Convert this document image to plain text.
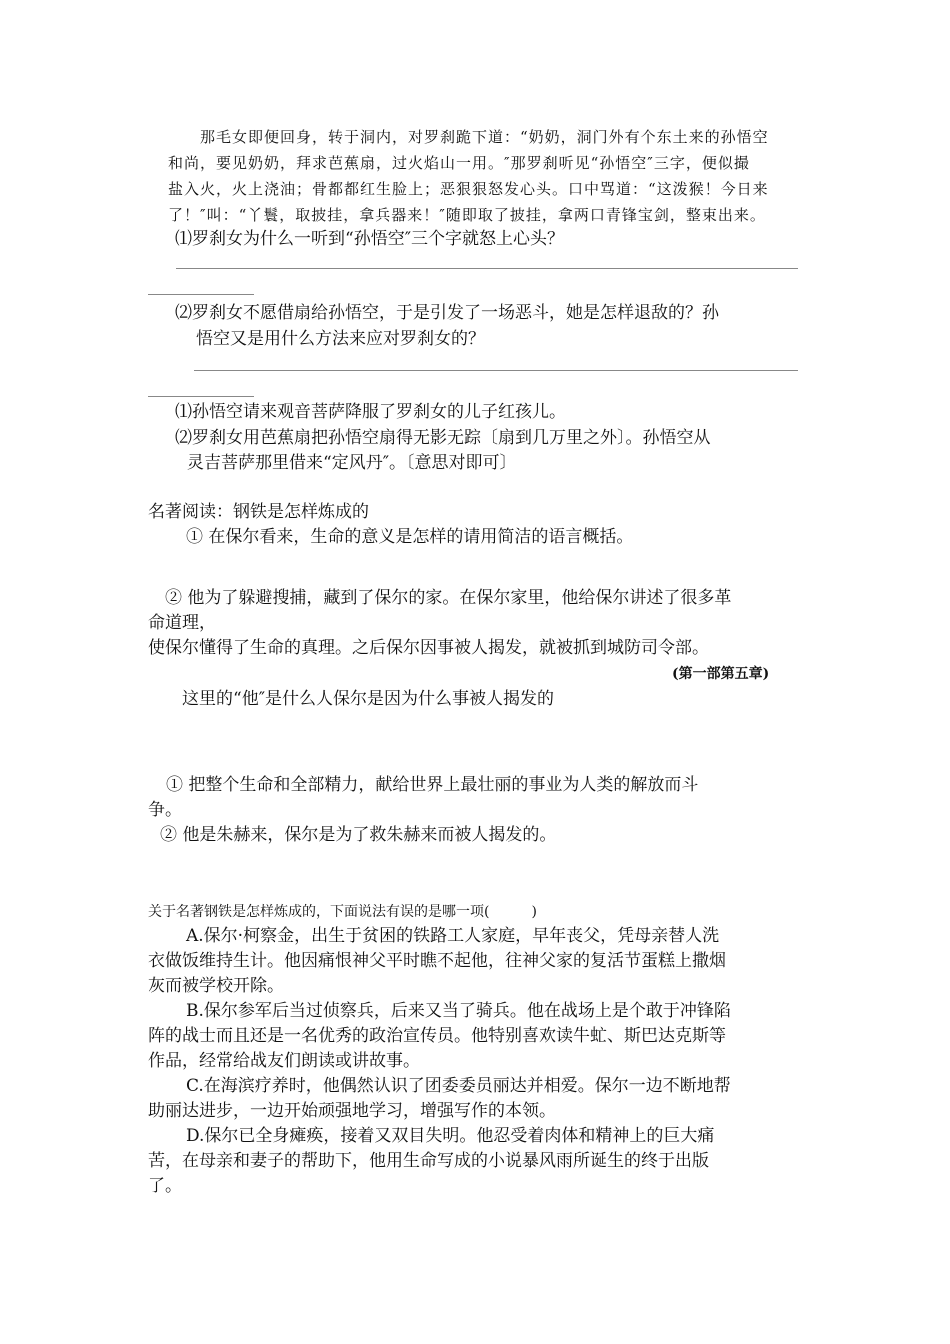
那毛女即便回身，转于洞内，对罗刹跪下道：“奶奶，洞门外有个东土来的孙悟空
和尚，要见奶奶，拜求芭蕉扇，过火焰山一用。″那罗刹听见“孙悟空″三字，便似撮
盐入火，火上浇油；骨都都红生脸上；恶狠狠怒发心头。口中骂道：“这泼猴！今日来
了！″叫：“丫鬟，取披挂，拿兵器来！″随即取了披挂，拿两口青锋宝剑，整束出来。
⑴罗刹女为什么一听到“孙悟空″三个字就怒上心头？
⑵罗刹女不愿借扇给孙悟空，于是引发了一场恶斗，她是怎样退敌的？孙
悟空又是用什么方法来应对罗刹女的？
⑴孙悟空请来观音菩萨降服了罗刹女的儿子红孩儿。
⑵罗刹女用芭蕉扇把孙悟空扇得无影无踪〔扇到几万里之外〕。孙悟空从
灵吉菩萨那里借来“定风丹″。〔意思对即可〕
名著阅读：钢铁是怎样炼成的
① 在保尔看来，生命的意义是怎样的请用简洁的语言概括。
② 他为了躲避搜捕，藏到了保尔的家。在保尔家里，他给保尔讲述了很多革
命道理，
使保尔懂得了生命的真理。之后保尔因事被人揭发，就被抓到城防司令部。
(第一部第五章)
这里的“他″是什么人保尔是因为什么事被人揭发的
① 把整个生命和全部精力，献给世界上最壮丽的事业为人类的解放而斗
争。
② 他是朱赫来，保尔是为了救朱赫来而被人揭发的。
关于名著钢铁是怎样炼成的，下面说法有误的是哪一项(　　　)
A.保尔·柯察金，出生于贫困的铁路工人家庭，早年丧父，凭母亲替人洗
衣做饭维持生计。他因痛恨神父平时瞧不起他，往神父家的复活节蛋糕上撒烟
灰而被学校开除。
B.保尔参军后当过侦察兵，后来又当了骑兵。他在战场上是个敢于冲锋陷
阵的战士而且还是一名优秀的政治宣传员。他特别喜欢读牛虻、斯巴达克斯等
作品，经常给战友们朗读或讲故事。
C.在海滨疗养时，他偶然认识了团委委员丽达并相爱。保尔一边不断地帮
助丽达进步，一边开始顽强地学习，增强写作的本领。
D.保尔已全身瘫痪，接着又双目失明。他忍受着肉体和精神上的巨大痛
苦，在母亲和妻子的帮助下，他用生命写成的小说暴风雨所诞生的终于出版
了。
